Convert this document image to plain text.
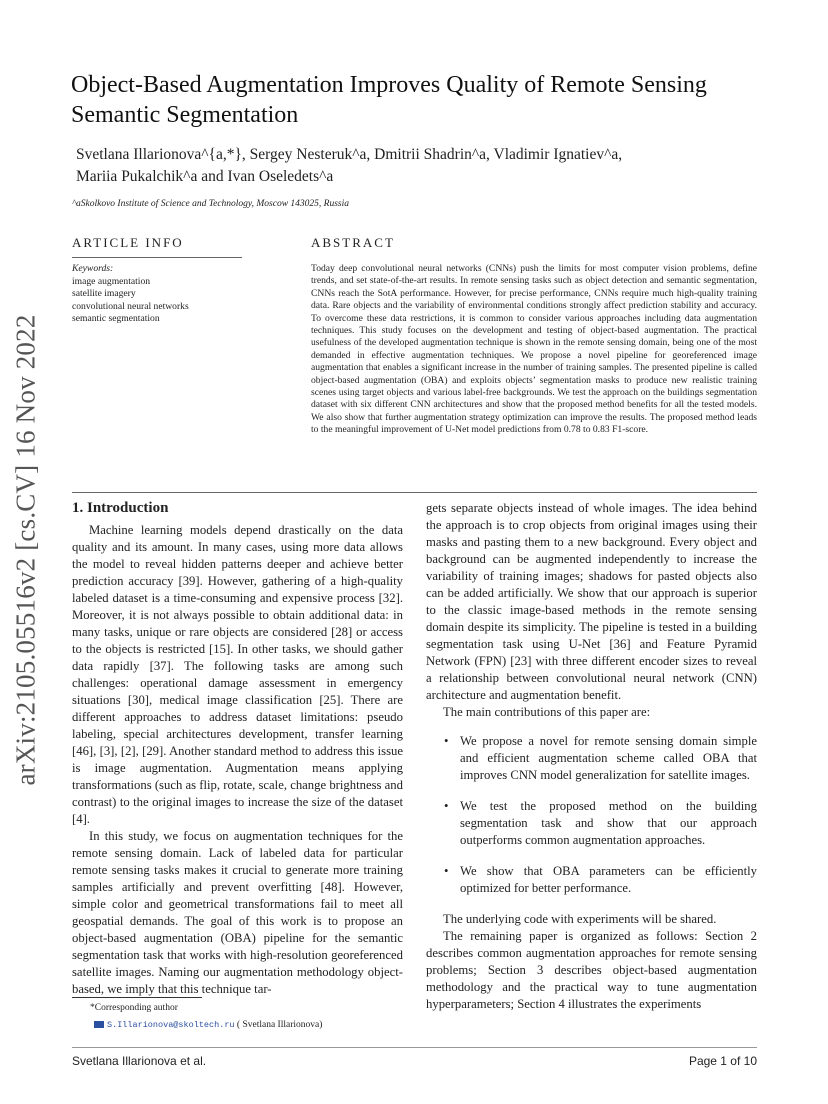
arXiv:2105.05516v2 [cs.CV] 16 Nov 2022
Object-Based Augmentation Improves Quality of Remote Sensing Semantic Segmentation
Svetlana Illarionova^{a,*}, Sergey Nesteruk^a, Dmitrii Shadrin^a, Vladimir Ignatiev^a,
Mariia Pukalchik^a and Ivan Oseledets^a
^aSkolkovo Institute of Science and Technology, Moscow 143025, Russia
ARTICLE INFO	ABSTRACT
Keywords:
image augmentation
satellite imagery
convolutional neural networks
semantic segmentation
Today deep convolutional neural networks (CNNs) push the limits for most computer vision problems, define trends, and set state-of-the-art results. In remote sensing tasks such as object detection and semantic segmentation, CNNs reach the SotA performance. However, for precise performance, CNNs require much high-quality training data. Rare objects and the variability of environmental conditions strongly affect prediction stability and accuracy. To overcome these data restrictions, it is common to consider various approaches including data augmentation techniques. This study focuses on the development and testing of object-based augmentation. The practical usefulness of the developed augmentation technique is shown in the remote sensing domain, being one of the most demanded in effective augmentation techniques. We propose a novel pipeline for georeferenced image augmentation that enables a significant increase in the number of training samples. The presented pipeline is called object-based augmentation (OBA) and exploits objects’ segmentation masks to produce new realistic training scenes using target objects and various label-free backgrounds. We test the approach on the buildings segmentation dataset with six different CNN architectures and show that the proposed method benefits for all the tested models. We also show that further augmentation strategy optimization can improve the results. The proposed method leads to the meaningful improvement of U-Net model predictions from 0.78 to 0.83 F1-score.

1. Introduction

Machine learning models depend drastically on the data quality and its amount. In many cases, using more data allows the model to reveal hidden patterns deeper and achieve better prediction accuracy [39]. However, gathering of a high-quality labeled dataset is a time-consuming and expensive process [32]. Moreover, it is not always possible to obtain additional data: in many tasks, unique or rare objects are considered [28] or access to the objects is restricted [15]. In other tasks, we should gather data rapidly [37]. The following tasks are among such challenges: operational damage assessment in emergency situations [30], medical image classification [25]. There are different approaches to address dataset limitations: pseudo labeling, special architectures development, transfer learning [46], [3], [2], [29]. Another standard method to address this issue is image augmentation. Augmentation means applying transformations (such as flip, rotate, scale, change brightness and contrast) to the original images to increase the size of the dataset [4].

In this study, we focus on augmentation techniques for the remote sensing domain. Lack of labeled data for particular remote sensing tasks makes it crucial to generate more training samples artificially and prevent overfitting [48]. However, simple color and geometrical transformations fail to meet all geospatial demands. The goal of this work is to propose an object-based augmentation (OBA) pipeline for the semantic segmentation task that works with high-resolution georeferenced satellite images. Naming our augmentation methodology object-based, we imply that this technique tar-

gets separate objects instead of whole images. The idea behind the approach is to crop objects from original images using their masks and pasting them to a new background. Every object and background can be augmented independently to increase the variability of training images; shadows for pasted objects also can be added artificially. We show that our approach is superior to the classic image-based methods in the remote sensing domain despite its simplicity. The pipeline is tested in a building segmentation task using U-Net [36] and Feature Pyramid Network (FPN) [23] with three different encoder sizes to reveal a relationship between convolutional neural network (CNN) architecture and augmentation benefit.

The main contributions of this paper are:

• We propose a novel for remote sensing domain simple and efficient augmentation scheme called OBA that improves CNN model generalization for satellite images.
• We test the proposed method on the building segmentation task and show that our approach outperforms common augmentation approaches.
• We show that OBA parameters can be efficiently optimized for better performance.

The underlying code with experiments will be shared.

The remaining paper is organized as follows: Section 2 describes common augmentation approaches for remote sensing problems; Section 3 describes object-based augmentation methodology and the practical way to tune augmentation hyperparameters; Section 4 illustrates the experiments

*Corresponding author
S.Illarionova@skoltech.ru ( Svetlana Illarionova)
Svetlana Illarionova et al.	Page 1 of 10
